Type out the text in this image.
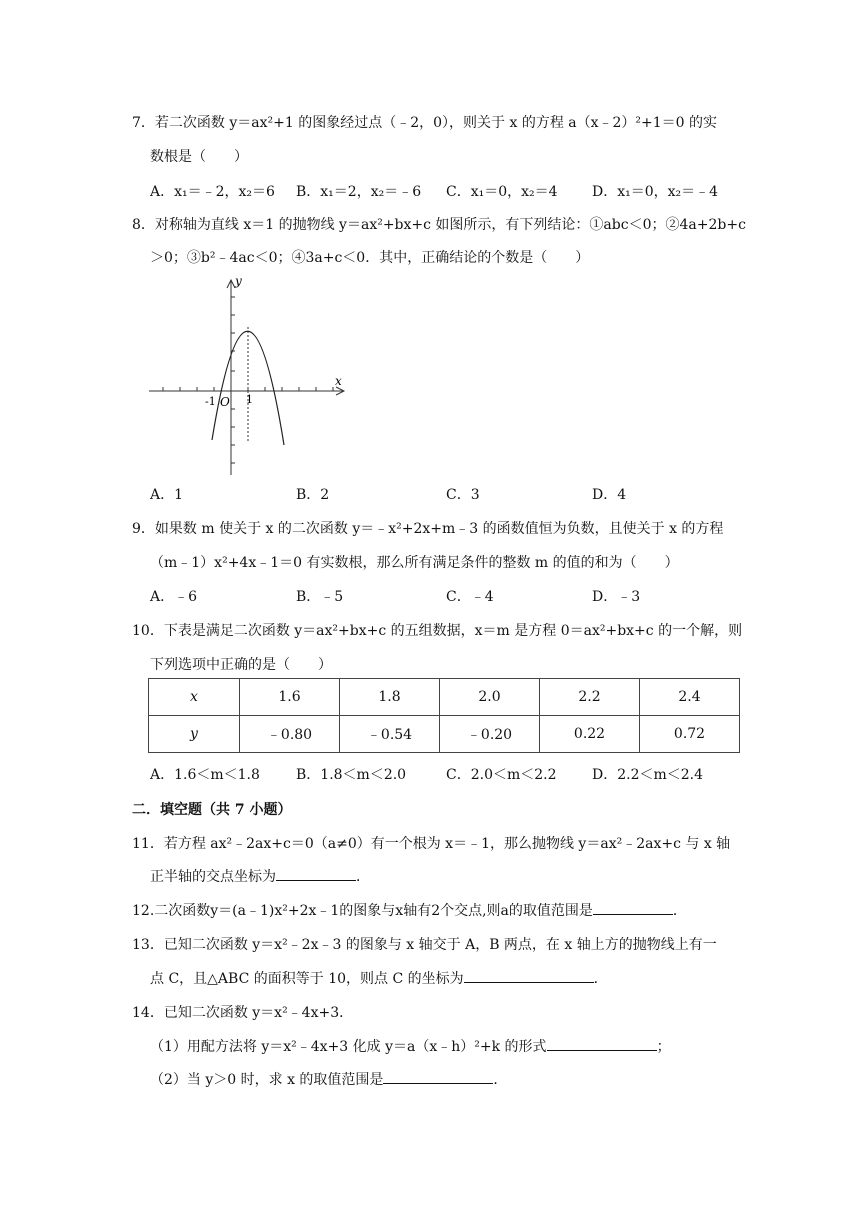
7．若二次函数 y＝ax²+1 的图象经过点（﹣2，0），则关于 x 的方程 a（x﹣2）²+1＝0 的实
数根是（　　）
A．x₁＝﹣2，x₂＝6 B．x₁＝2，x₂＝﹣6 C．x₁＝0，x₂＝4 D．x₁＝0，x₂＝﹣4
8．对称轴为直线 x＝1 的抛物线 y＝ax²+bx+c 如图所示，有下列结论：①abc＜0；②4a+2b+c
＞0；③b²﹣4ac＜0；④3a+c＜0．其中，正确结论的个数是（　　）
x
y
-1 O 1
A．1	B．2	C．3	D．4
9．如果数 m 使关于 x 的二次函数 y＝﹣x²+2x+m﹣3 的函数值恒为负数，且使关于 x 的方程
（m﹣1）x²+4x﹣1＝0 有实数根，那么所有满足条件的整数 m 的值的和为（　　）
A．﹣6	B．﹣5	C．﹣4	D．﹣3
10．下表是满足二次函数 y＝ax²+bx+c 的五组数据，x＝m 是方程 0＝ax²+bx+c 的一个解，则
下列选项中正确的是（　　）
x	1.6	1.8	2.0	2.2	2.4
y	﹣0.80	﹣0.54	﹣0.20	0.22	0.72
A．1.6＜m＜1.8	B．1.8＜m＜2.0	C．2.0＜m＜2.2	D．2.2＜m＜2.4
二．填空题（共 7 小题）
11．若方程 ax²﹣2ax+c＝0（a≠0）有一个根为 x＝﹣1，那么抛物线 y＝ax²﹣2ax+c 与 x 轴
正半轴的交点坐标为	．
12.二次函数y＝(a﹣1)x²+2x﹣1的图象与x轴有2个交点,则a的取值范围是	．
13．已知二次函数 y＝x²﹣2x﹣3 的图象与 x 轴交于 A，B 两点，在 x 轴上方的抛物线上有一
点 C，且△ABC 的面积等于 10，则点 C 的坐标为	．
14．已知二次函数 y＝x²﹣4x+3．
（1）用配方法将 y＝x²﹣4x+3 化成 y＝a（x﹣h）²+k 的形式	；
（2）当 y＞0 时，求 x 的取值范围是	．
